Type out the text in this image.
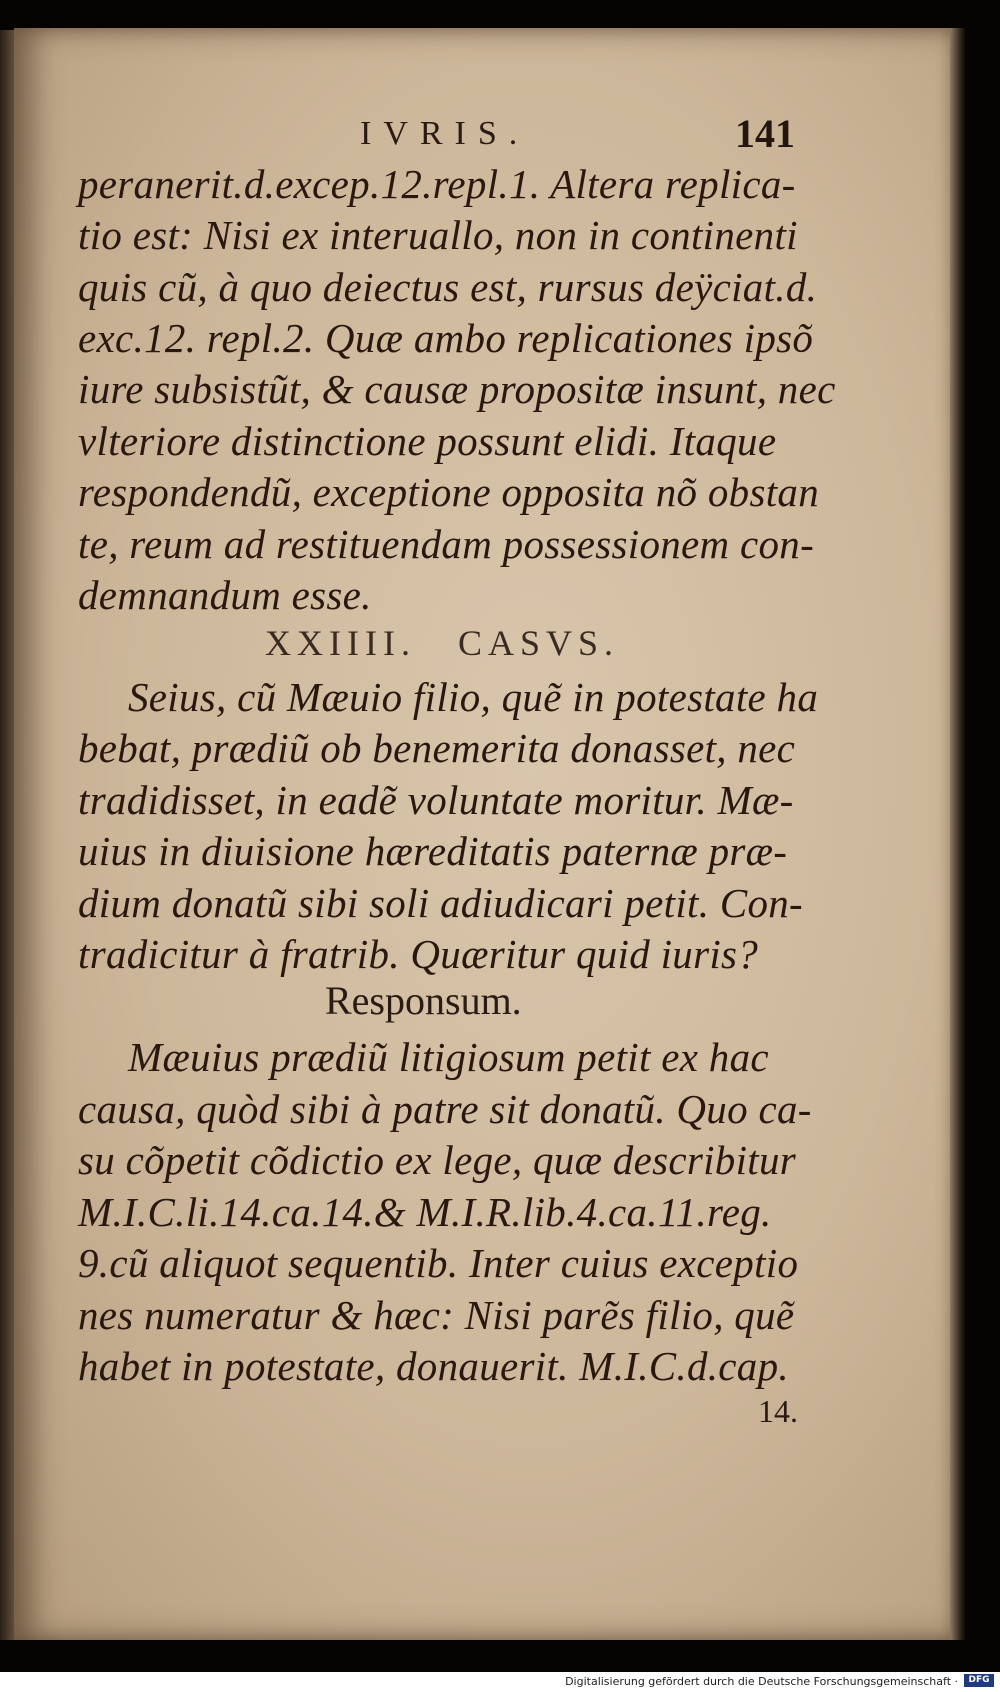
IVRIS.	141
peranerit.d.excep.12.repl.1. Altera replica-
tio est: Nisi ex interuallo, non in continenti
quis cũ, à quo deiectus est, rursus deÿciat.d.
exc.12. repl.2. Quæ ambo replicationes ipsõ
iure subsistũt, & causæ propositæ insunt, nec
vlteriore distinctione possunt elidi. Itaque
respondendũ, exceptione opposita nõ obstan
te, reum ad restituendam possessionem con-
demnandum esse.
XXIIII. CASVS.
Seius, cũ Mæuio filio, quẽ in potestate ha
bebat, prædiũ ob benemerita donasset, nec
tradidisset, in eadẽ voluntate moritur. Mæ-
uius in diuisione hæreditatis paternæ præ-
dium donatũ sibi soli adiudicari petit. Con-
tradicitur à fratrib. Quæritur quid iuris?
Responsum.
Mæuius prædiũ litigiosum petit ex hac
causa, quòd sibi à patre sit donatũ. Quo ca-
su cõpetit cõdictio ex lege, quæ describitur
M.I.C.li.14.ca.14.& M.I.R.lib.4.ca.11.reg.
9.cũ aliquot sequentib. Inter cuius exceptio
nes numeratur & hæc: Nisi parẽs filio, quẽ
habet in potestate, donauerit. M.I.C.d.cap.
14.
Digitalisierung gefördert durch die Deutsche Forschungsgemeinschaft ·	DFG
